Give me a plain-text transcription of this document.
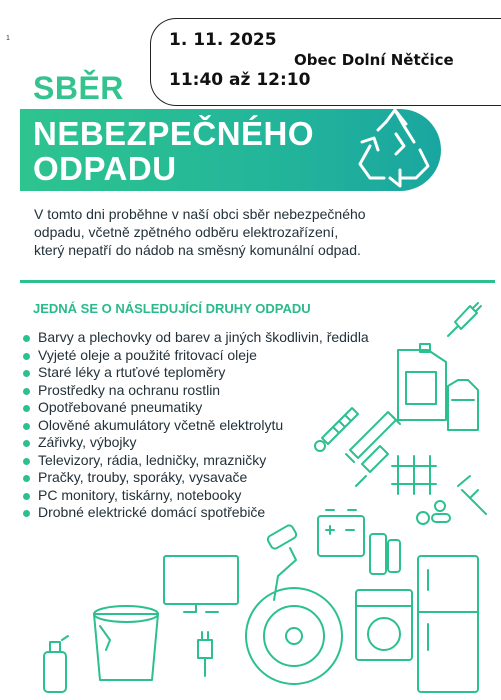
1	1. 11. 2025
Obec Dolní Nětčice
11:40 až 12:10
SBĚR
NEBEZPEČNÉHO
ODPADU
V tomto dni proběhne v naší obci sběr nebezpečného
odpadu, včetně zpětného odběru elektrozařízení,
který nepatří do nádob na směsný komunální odpad.
JEDNÁ SE O NÁSLEDUJÍCÍ DRUHY ODPADU
Barvy a plechovky od barev a jiných škodlivin, ředidla
Vyjeté oleje a použité fritovací oleje
Staré léky a rtuťové teploměry
Prostředky na ochranu rostlin
Opotřebované pneumatiky
Olověné akumulátory včetně elektrolytu
Zářivky, výbojky
Televizory, rádia, ledničky, mrazničky
Pračky, trouby, sporáky, vysavače
PC monitory, tiskárny, notebooky
Drobné elektrické domácí spotřebiče
